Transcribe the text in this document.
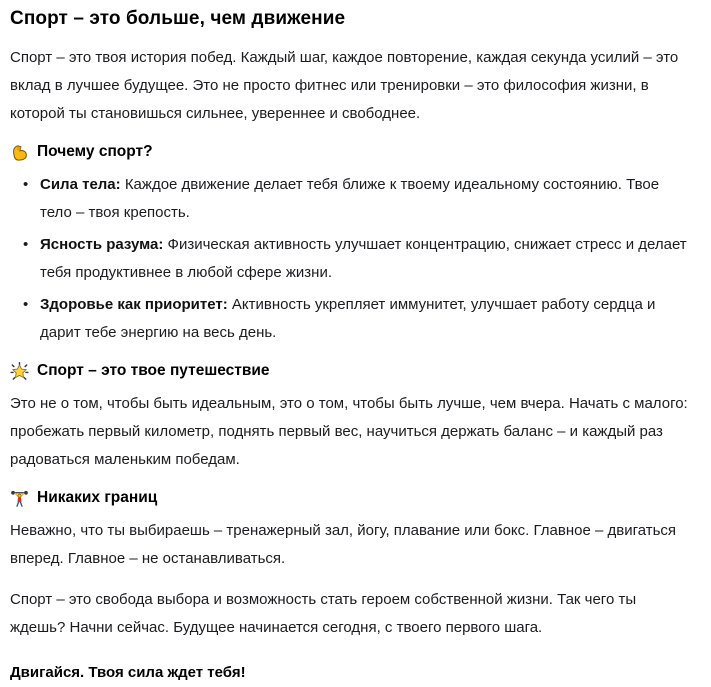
Спорт – это больше, чем движение

Спорт – это твоя история побед. Каждый шаг, каждое повторение, каждая секунда усилий – это вклад в лучшее будущее. Это не просто фитнес или тренировки – это философия жизни, в которой ты становишься сильнее, увереннее и свободнее.

Почему спорт?
• Сила тела: Каждое движение делает тебя ближе к твоему идеальному состоянию. Твое тело – твоя крепость.
• Ясность разума: Физическая активность улучшает концентрацию, снижает стресс и делает тебя продуктивнее в любой сфере жизни.
• Здоровье как приоритет: Активность укрепляет иммунитет, улучшает работу сердца и дарит тебе энергию на весь день.
Спорт – это твое путешествие

Это не о том, чтобы быть идеальным, это о том, чтобы быть лучше, чем вчера. Начать с малого: пробежать первый километр, поднять первый вес, научиться держать баланс – и каждый раз радоваться маленьким победам.

Никаких границ

Неважно, что ты выбираешь – тренажерный зал, йогу, плавание или бокс. Главное – двигаться вперед. Главное – не останавливаться.

Спорт – это свобода выбора и возможность стать героем собственной жизни. Так чего ты ждешь? Начни сейчас. Будущее начинается сегодня, с твоего первого шага.

Двигайся. Твоя сила ждет тебя!
